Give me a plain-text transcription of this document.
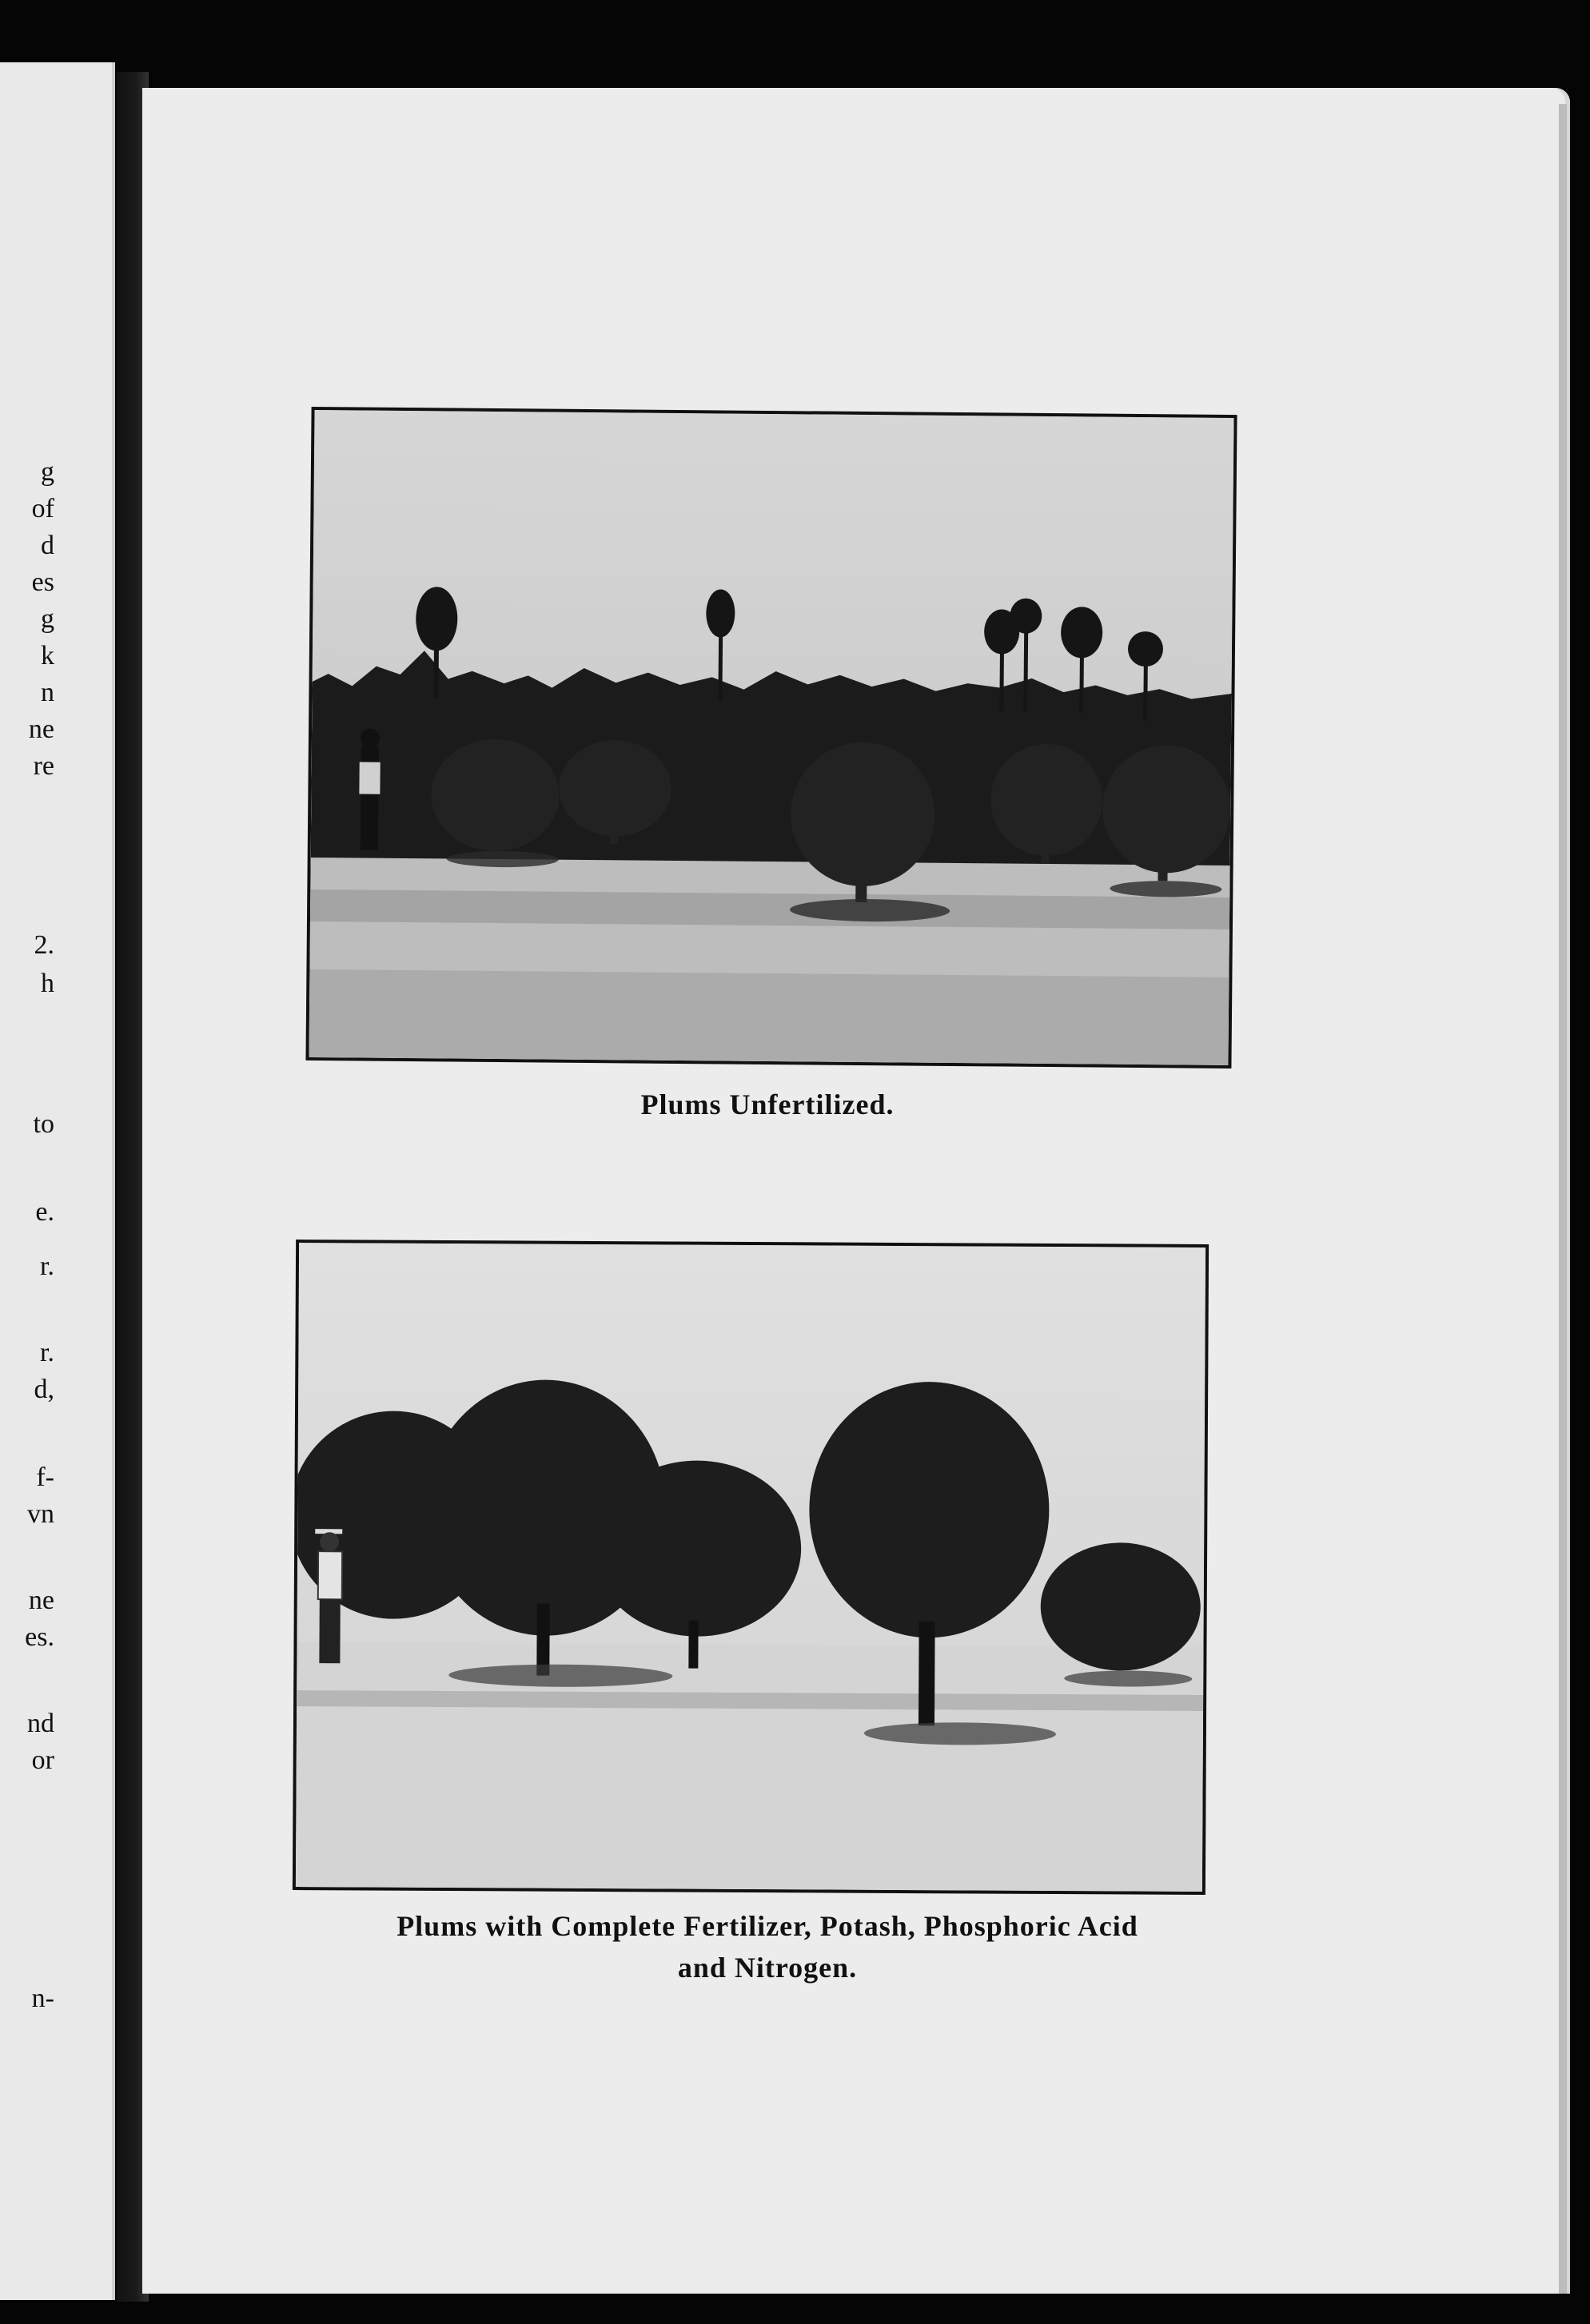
g
of
d
es
g
k
n
ne
re
2.
h
to
e.
r.
r.
d,
f-
vn
ne
es.
nd
or
n-
Plums Unfertilized.
Plums with Complete Fertilizer, Potash, Phosphoric Acid
and Nitrogen.
